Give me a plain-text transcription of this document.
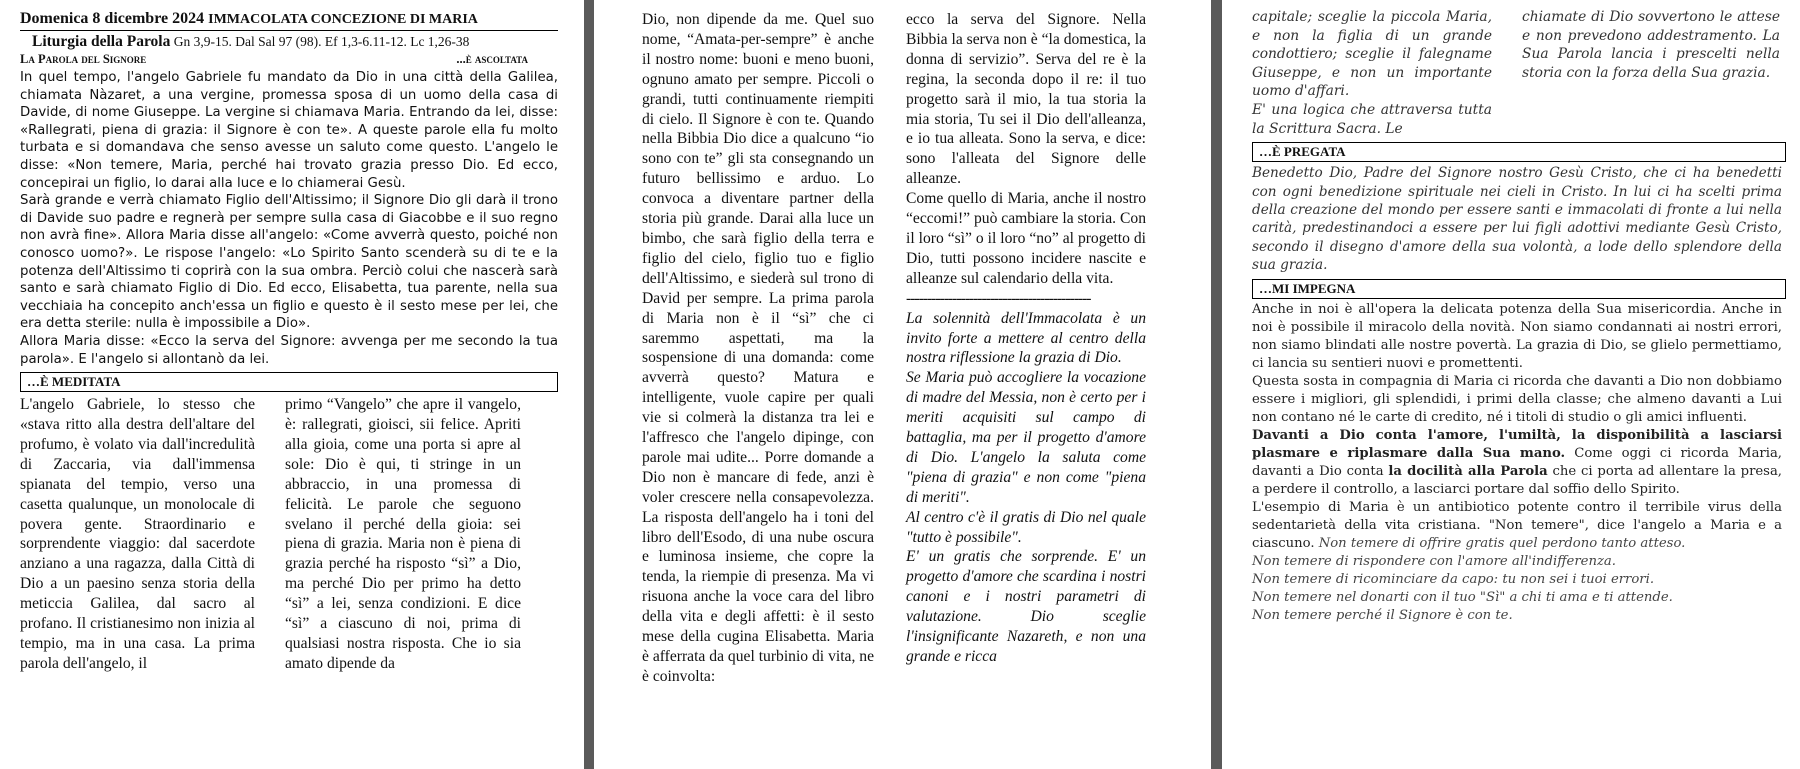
Domenica 8 dicembre 2024 IMMACOLATA CONCEZIONE DI MARIA
Liturgia della Parola Gn 3,9-15. Dal Sal 97 (98). Ef 1,3-6.11-12. Lc 1,26-38
La Parola del Signore	...è ascoltata

In quel tempo, l'angelo Gabriele fu mandato da Dio in una città della Galilea, chiamata Nàzaret, a una vergine, promessa sposa di un uomo della casa di Davide, di nome Giuseppe. La vergine si chiamava Maria. Entrando da lei, disse: «Rallegrati, piena di grazia: il Signore è con te». A queste parole ella fu molto turbata e si domandava che senso avesse un saluto come questo. L'angelo le disse: «Non temere, Maria, perché hai trovato grazia presso Dio. Ed ecco, concepirai un figlio, lo darai alla luce e lo chiamerai Gesù.

Sarà grande e verrà chiamato Figlio dell'Altissimo; il Signore Dio gli darà il trono di Davide suo padre e regnerà per sempre sulla casa di Giacobbe e il suo regno non avrà fine». Allora Maria disse all'angelo: «Come avverrà questo, poiché non conosco uomo?». Le rispose l'angelo: «Lo Spirito Santo scenderà su di te e la potenza dell'Altissimo ti coprirà con la sua ombra. Perciò colui che nascerà sarà santo e sarà chiamato Figlio di Dio. Ed ecco, Elisabetta, tua parente, nella sua vecchiaia ha concepito anch'essa un figlio e questo è il sesto mese per lei, che era detta sterile: nulla è impossibile a Dio».

Allora Maria disse: «Ecco la serva del Signore: avvenga per me secondo la tua parola». E l'angelo si allontanò da lei.

…È MEDITATA
L'angelo Gabriele, lo stesso che «stava ritto alla destra dell'altare del profumo, è volato via dall'incredulità di Zaccaria, via dall'immensa spianata del tempio, verso una casetta qualunque, un monolocale di povera gente. Straordinario e sorprendente viaggio: dal sacerdote anziano a una ragazza, dalla Città di Dio a un paesino senza storia della meticcia Galilea, dal sacro al profano. Il cristianesimo non inizia al tempio, ma in una casa. La prima parola dell'angelo, il
primo “Vangelo” che apre il vangelo, è: rallegrati, gioisci, sii felice. Apriti alla gioia, come una porta si apre al sole: Dio è qui, ti stringe in un abbraccio, in una promessa di felicità. Le parole che seguono svelano il perché della gioia: sei piena di grazia. Maria non è piena di grazia perché ha risposto “sì” a Dio, ma perché Dio per primo ha detto “sì” a lei, senza condizioni. E dice “sì” a ciascuno di noi, prima di qualsiasi nostra risposta. Che io sia amato dipende da
Dio, non dipende da me. Quel suo nome, “Amata-per-sempre” è anche il nostro nome: buoni e meno buoni, ognuno amato per sempre. Piccoli o grandi, tutti continuamente riempiti di cielo. Il Signore è con te. Quando nella Bibbia Dio dice a qualcuno “io sono con te” gli sta consegnando un futuro bellissimo e arduo. Lo convoca a diventare partner della storia più grande. Darai alla luce un bimbo, che sarà figlio della terra e figlio del cielo, figlio tuo e figlio dell'Altissimo, e siederà sul trono di David per sempre. La prima parola di Maria non è il “sì” che ci saremmo aspettati, ma la sospensione di una domanda: come avverrà questo? Matura e intelligente, vuole capire per quali vie si colmerà la distanza tra lei e l'affresco che l'angelo dipinge, con parole mai udite... Porre domande a Dio non è mancare di fede, anzi è voler crescere nella consapevolezza. La risposta dell'angelo ha i toni del libro dell'Esodo, di una nube oscura e luminosa insieme, che copre la tenda, la riempie di presenza. Ma vi risuona anche la voce cara del libro della vita e degli affetti: è il sesto mese della cugina Elisabetta. Maria è afferrata da quel turbinio di vita, ne è coinvolta:

ecco la serva del Signore. Nella Bibbia la serva non è “la domestica, la donna di servizio”. Serva del re è la regina, la seconda dopo il re: il tuo progetto sarà il mio, la tua storia la mia storia, Tu sei il Dio dell'alleanza, e io tua alleata. Sono la serva, e dice: sono l'alleata del Signore delle alleanze.

Come quello di Maria, anche il nostro “eccomi!” può cambiare la storia. Con il loro “sì” o il loro “no” al progetto di Dio, tutti possono incidere nascite e alleanze sul calendario della vita.

--------------------------------------------

La solennità dell'Immacolata è un invito forte a mettere al centro della nostra riflessione la grazia di Dio.

Se Maria può accogliere la vocazione di madre del Messia, non è certo per i meriti acquisiti sul campo di battaglia, ma per il progetto d'amore di Dio. L'angelo la saluta come "piena di grazia" e non come "piena di meriti".

Al centro c'è il gratis di Dio nel quale "tutto è possibile".

E' un gratis che sorprende. E' un progetto d'amore che scardina i nostri canoni e i nostri parametri di valutazione. Dio sceglie l'insignificante Nazareth, e non una grande e ricca

capitale; sceglie la piccola Maria, e non la figlia di un grande condottiero; sceglie il falegname Giuseppe, e non un importante uomo d'affari.
E' una logica che attraversa tutta la Scrittura Sacra. Le
chiamate di Dio sovvertono le attese e non prevedono addestramento. La Sua Parola lancia i prescelti nella storia con la forza della Sua grazia.
…È PREGATA
Benedetto Dio, Padre del Signore nostro Gesù Cristo, che ci ha benedetti con ogni benedizione spirituale nei cieli in Cristo. In lui ci ha scelti prima della creazione del mondo per essere santi e immacolati di fronte a lui nella carità, predestinandoci a essere per lui figli adottivi mediante Gesù Cristo, secondo il disegno d'amore della sua volontà, a lode dello splendore della sua grazia.
…MI IMPEGNA

Anche in noi è all'opera la delicata potenza della Sua misericordia. Anche in noi è possibile il miracolo della novità. Non siamo condannati ai nostri errori, non siamo blindati alle nostre povertà. La grazia di Dio, se glielo permettiamo, ci lancia su sentieri nuovi e promettenti.

Questa sosta in compagnia di Maria ci ricorda che davanti a Dio non dobbiamo essere i migliori, gli splendidi, i primi della classe; che almeno davanti a Lui non contano né le carte di credito, né i titoli di studio o gli amici influenti.

Davanti a Dio conta l'amore, l'umiltà, la disponibilità a lasciarsi plasmare e riplasmare dalla Sua mano. Come oggi ci ricorda Maria, davanti a Dio conta la docilità alla Parola che ci porta ad allentare la presa, a perdere il controllo, a lasciarci portare dal soffio dello Spirito.

L'esempio di Maria è un antibiotico potente contro il terribile virus della sedentarietà della vita cristiana. "Non temere", dice l'angelo a Maria e a ciascuno. Non temere di offrire gratis quel perdono tanto atteso.

Non temere di rispondere con l'amore all'indifferenza.

Non temere di ricominciare da capo: tu non sei i tuoi errori.

Non temere nel donarti con il tuo "Sì" a chi ti ama e ti attende.

Non temere perché il Signore è con te.
